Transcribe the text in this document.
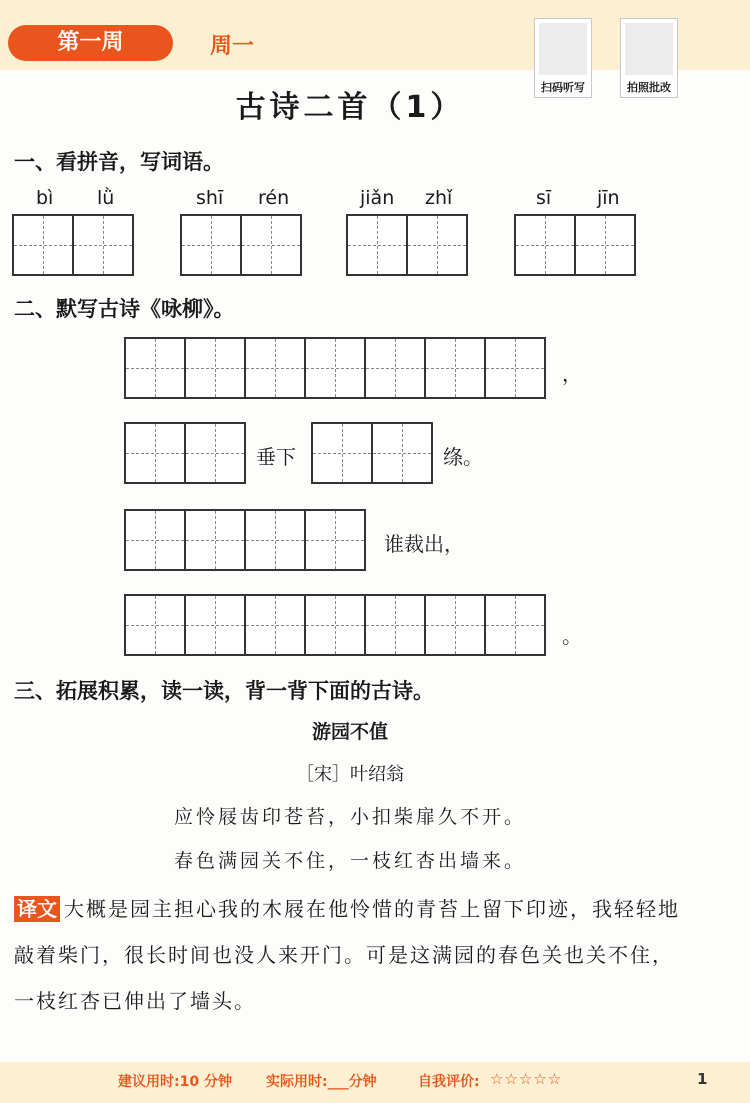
第一周	周一
扫码听写	拍照批改
古诗二首（1）
一、看拼音，写词语。
bì lǜ	shī rén	jiǎn zhǐ	sī jīn
二、默写古诗《咏柳》。
，
垂下	绦。
谁裁出，
。
三、拓展积累，读一读，背一背下面的古诗。
游园不值
［宋］叶绍翁
应怜屐齿印苍苔，小扣柴扉久不开。
春色满园关不住，一枝红杏出墙来。
译文 大概是园主担心我的木屐在他怜惜的青苔上留下印迹，我轻轻地敲着柴门，很长时间也没人来开门。可是这满园的春色关也关不住，一枝红杏已伸出了墙头。
建议用时:10 分钟 实际用时:___分钟	自我评价: ☆☆☆☆☆	1
